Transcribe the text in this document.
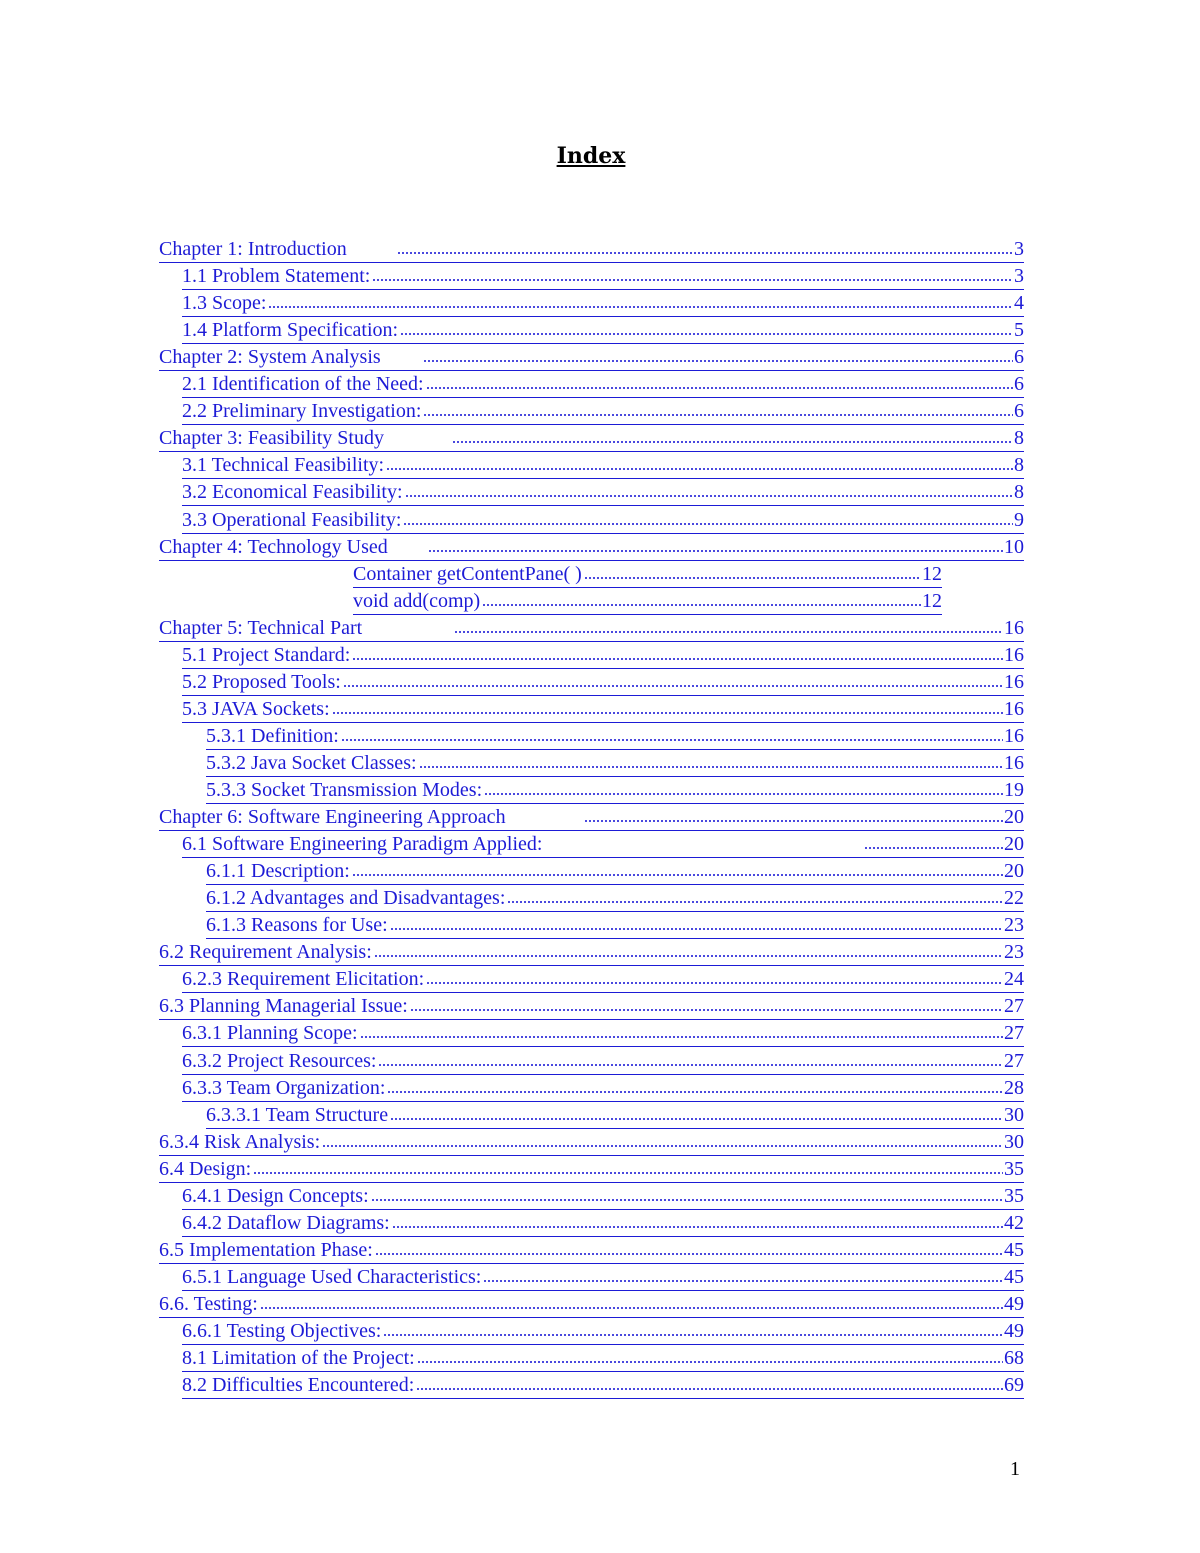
Index
Chapter 1: Introduction	3
1.1 Problem Statement:	3
1.3 Scope:	4
1.4 Platform Specification:	5
Chapter 2: System Analysis	6
2.1 Identification of the Need:	6
2.2 Preliminary Investigation:	6
Chapter 3: Feasibility Study	8
3.1 Technical Feasibility:	8
3.2 Economical Feasibility:	8
3.3 Operational Feasibility:	9
Chapter 4: Technology Used	10
Container getContentPane( )	12
void add(comp)	12
Chapter 5: Technical Part	16
5.1 Project Standard:	16
5.2 Proposed Tools:	16
5.3 JAVA Sockets:	16
5.3.1 Definition:	16
5.3.2 Java Socket Classes:	16
5.3.3 Socket Transmission Modes:	19
Chapter 6: Software Engineering Approach	20
6.1 Software Engineering Paradigm Applied:	20
6.1.1 Description:	20
6.1.2 Advantages and Disadvantages:	22
6.1.3 Reasons for Use:	23
6.2 Requirement Analysis:	23
6.2.3 Requirement Elicitation:	24
6.3 Planning Managerial Issue:	27
6.3.1 Planning Scope:	27
6.3.2 Project Resources:	27
6.3.3 Team Organization:	28
6.3.3.1 Team Structure	30
6.3.4 Risk Analysis:	30
6.4 Design:	35
6.4.1 Design Concepts:	35
6.4.2 Dataflow Diagrams:	42
6.5 Implementation Phase:	45
6.5.1 Language Used Characteristics:	45
6.6. Testing:	49
6.6.1 Testing Objectives:	49
8.1 Limitation of the Project:	68
8.2 Difficulties Encountered:	69
1
